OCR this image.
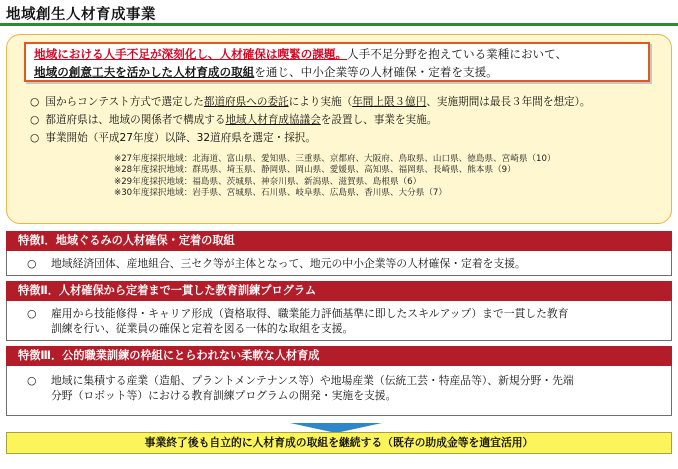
地域創生人材育成事業
地域における人手不足が深刻化し、人材確保は喫緊の課題。人手不足分野を抱えている業種において、
地域の創意工夫を活かした人材育成の取組を通じ、中小企業等の人材確保・定着を支援。
○ 国からコンテスト方式で選定した都道府県への委託により実施（年間上限３億円、実施期間は最長３年間を想定）。
○ 都道府県は、地域の関係者で構成する地域人材育成協議会を設置し、事業を実施。
○ 事業開始（平成27年度）以降、32道府県を選定・採択。
※27年度採択地域：北海道、富山県、愛知県、三重県、京都府、大阪府、鳥取県、山口県、徳島県、宮崎県（10）
※28年度採択地域：群馬県、埼玉県、静岡県、岡山県、愛媛県、高知県、福岡県、長崎県、熊本県（9）
※29年度採択地域：福島県、茨城県、神奈川県、新潟県、滋賀県、島根県（6）
※30年度採択地域：岩手県、宮城県、石川県、岐阜県、広島県、香川県、大分県（7）
特徴Ⅰ．地域ぐるみの人材確保・定着の取組
○ 地域経済団体、産地組合、三セク等が主体となって、地元の中小企業等の人材確保・定着を支援。
特徴Ⅱ．人材確保から定着まで一貫した教育訓練プログラム
○ 雇用から技能修得・キャリア形成（資格取得、職業能力評価基準に即したスキルアップ）まで一貫した教育
訓練を行い、従業員の確保と定着を図る一体的な取組を支援。
特徴Ⅲ．公的職業訓練の枠組にとらわれない柔軟な人材育成
○ 地域に集積する産業（造船、プラントメンテナンス等）や地場産業（伝統工芸・特産品等）、新規分野・先端
分野（ロボット等）における教育訓練プログラムの開発・実施を支援。
事業終了後も自立的に人材育成の取組を継続する（既存の助成金等を適宜活用）
